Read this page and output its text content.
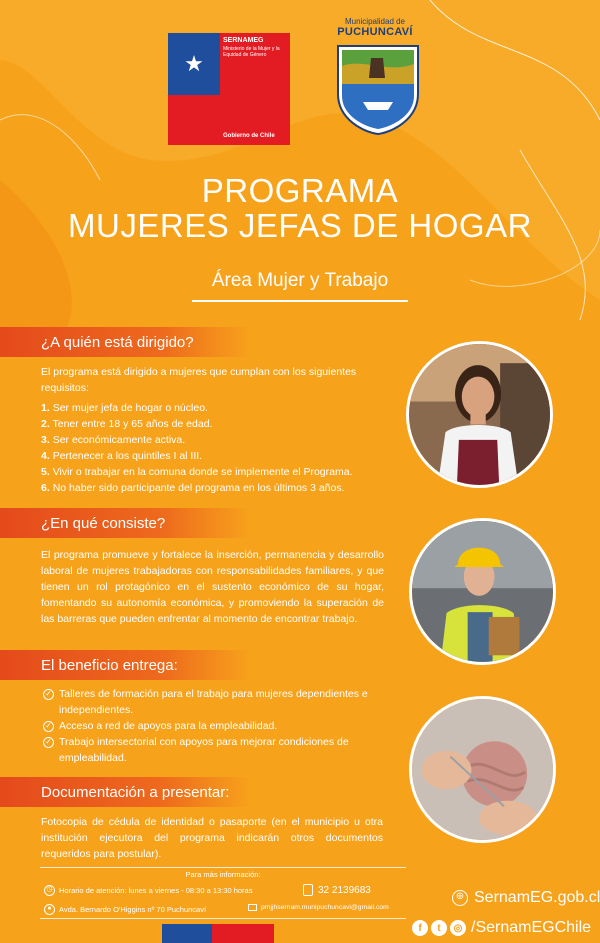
★
SERNAMEG
Ministerio de la Mujer y la Equidad de Género
Gobierno de Chile
Municipalidad de
PUCHUNCAVÍ
PROGRAMA
MUJERES JEFAS DE HOGAR
Área Mujer y Trabajo
¿A quién está dirigido?
El programa está dirigido a mujeres que cumplan con los siguientes requisitos:
1. Ser mujer jefa de hogar o núcleo.
2. Tener entre 18 y 65 años de edad.
3. Ser económicamente activa.
4. Pertenecer a los quintiles I al III.
5. Vivir o trabajar en la comuna donde se implemente el Programa.
6. No haber sido participante del programa en los últimos 3 años.
¿En qué consiste?
El programa promueve y fortalece la inserción, permanencia y desarrollo laboral de mujeres trabajadoras con responsabilidades familiares, y que tienen un rol protagónico en el sustento económico de su hogar, fomentando su autonomía económica, y promoviendo la superación de las barreras que pueden enfrentar al momento de encontrar trabajo.
El beneficio entrega:
✓ Talleres de formación para el trabajo para mujeres dependientes e independientes.
✓ Acceso a red de apoyos para la empleabilidad.
✓ Trabajo intersectorial con apoyos para mejorar condiciones de empleabilidad.
Documentación a presentar:
Fotocopia de cédula de identidad o pasaporte (en el municipio u otra institución ejecutora del programa indicarán otros documentos requeridos para postular).
Para más información:
◷ Horario de atención: lunes a viernes - 08:30 a 13:30 horas	32 2139683
● Avda. Bernardo O'Higgins nº 70 Puchuncaví	pmjjhsernam.munipuchuncavi@gmail.com
⊕ SernamEG.gob.cl
f	t	◎ /SernamEGChile
